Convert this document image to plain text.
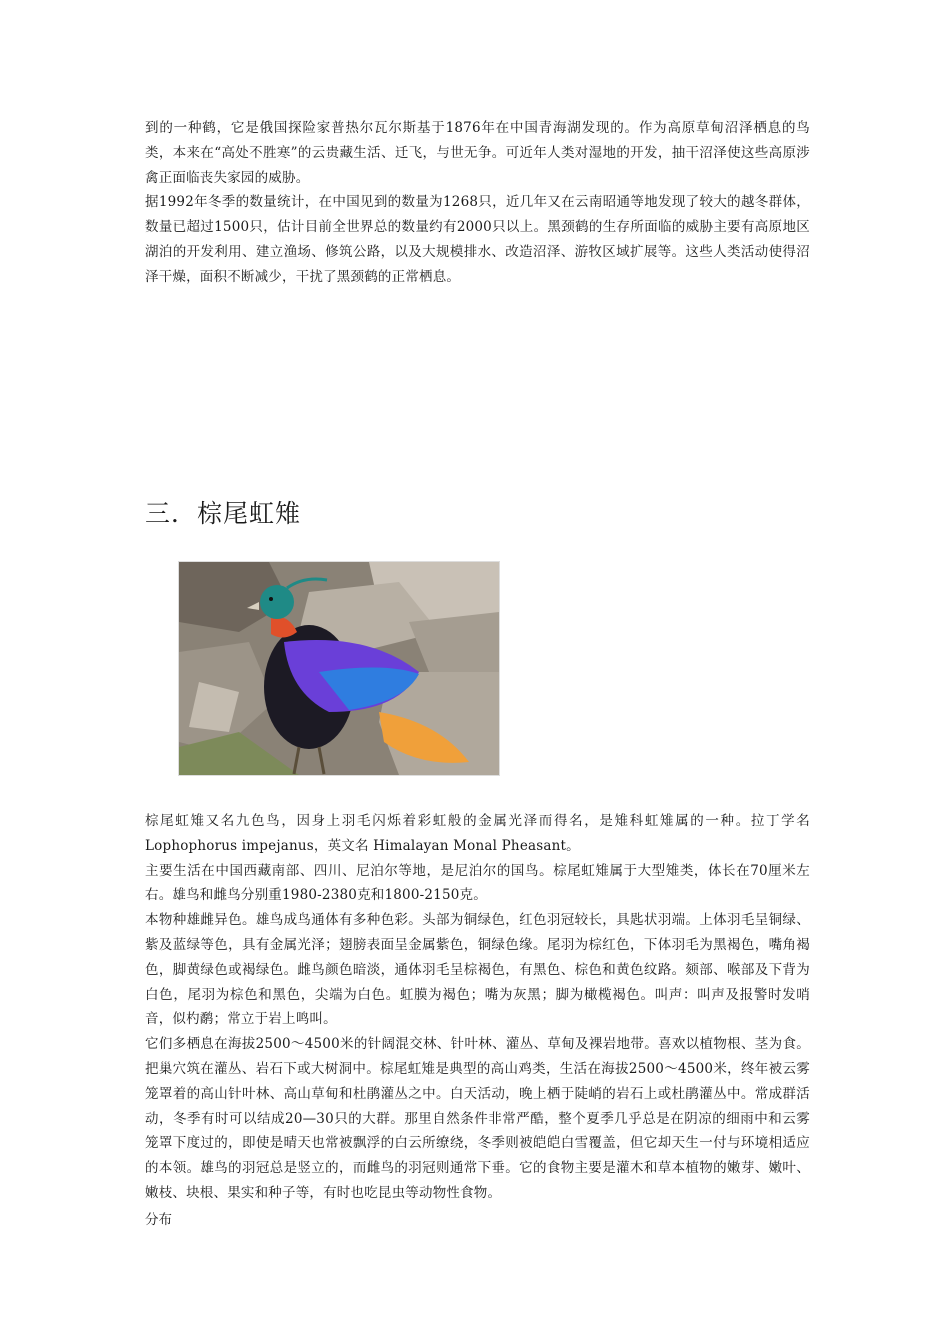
到的一种鹤，它是俄国探险家普热尔瓦尔斯基于1876年在中国青海湖发现的。作为高原草甸沼泽栖息的鸟类，本来在“高处不胜寒”的云贵藏生活、迁飞，与世无争。可近年人类对湿地的开发，抽干沼泽使这些高原涉禽正面临丧失家园的威胁。

据1992年冬季的数量统计，在中国见到的数量为1268只，近几年又在云南昭通等地发现了较大的越冬群体，数量已超过1500只，估计目前全世界总的数量约有2000只以上。黑颈鹤的生存所面临的威胁主要有高原地区湖泊的开发利用、建立渔场、修筑公路，以及大规模排水、改造沼泽、游牧区域扩展等。这些人类活动使得沼泽干燥，面积不断减少，干扰了黑颈鹤的正常栖息。

三．棕尾虹雉

棕尾虹雉又名九色鸟，因身上羽毛闪烁着彩虹般的金属光泽而得名，是雉科虹雉属的一种。拉丁学名Lophophorus impejanus，英文名 Himalayan Monal Pheasant。

主要生活在中国西藏南部、四川、尼泊尔等地，是尼泊尔的国鸟。棕尾虹雉属于大型雉类，体长在70厘米左右。雄鸟和雌鸟分别重1980-2380克和1800-2150克。

本物种雄雌异色。雄鸟成鸟通体有多种色彩。头部为铜绿色，红色羽冠较长，具匙状羽端。上体羽毛呈铜绿、紫及蓝绿等色，具有金属光泽；翅膀表面呈金属紫色，铜绿色缘。尾羽为棕红色，下体羽毛为黑褐色，嘴角褐色，脚黄绿色或褐绿色。雌鸟颜色暗淡，通体羽毛呈棕褐色，有黑色、棕色和黄色纹路。颏部、喉部及下背为白色，尾羽为棕色和黑色，尖端为白色。虹膜为褐色；嘴为灰黑；脚为橄榄褐色。叫声：叫声及报警时发哨音，似杓鹬；常立于岩上鸣叫。

它们多栖息在海拔2500～4500米的针阔混交林、针叶林、灌丛、草甸及裸岩地带。喜欢以植物根、茎为食。把巢穴筑在灌丛、岩石下或大树洞中。棕尾虹雉是典型的高山鸡类，生活在海拔2500～4500米，终年被云雾笼罩着的高山针叶林、高山草甸和杜鹃灌丛之中。白天活动，晚上栖于陡峭的岩石上或杜鹃灌丛中。常成群活动，冬季有时可以结成20—30只的大群。那里自然条件非常严酷，整个夏季几乎总是在阴凉的细雨中和云雾笼罩下度过的，即使是晴天也常被飘浮的白云所缭绕，冬季则被皑皑白雪覆盖，但它却天生一付与环境相适应的本领。雄鸟的羽冠总是竖立的，而雌鸟的羽冠则通常下垂。它的食物主要是灌木和草本植物的嫩芽、嫩叶、嫩枝、块根、果实和种子等，有时也吃昆虫等动物性食物。

分布
